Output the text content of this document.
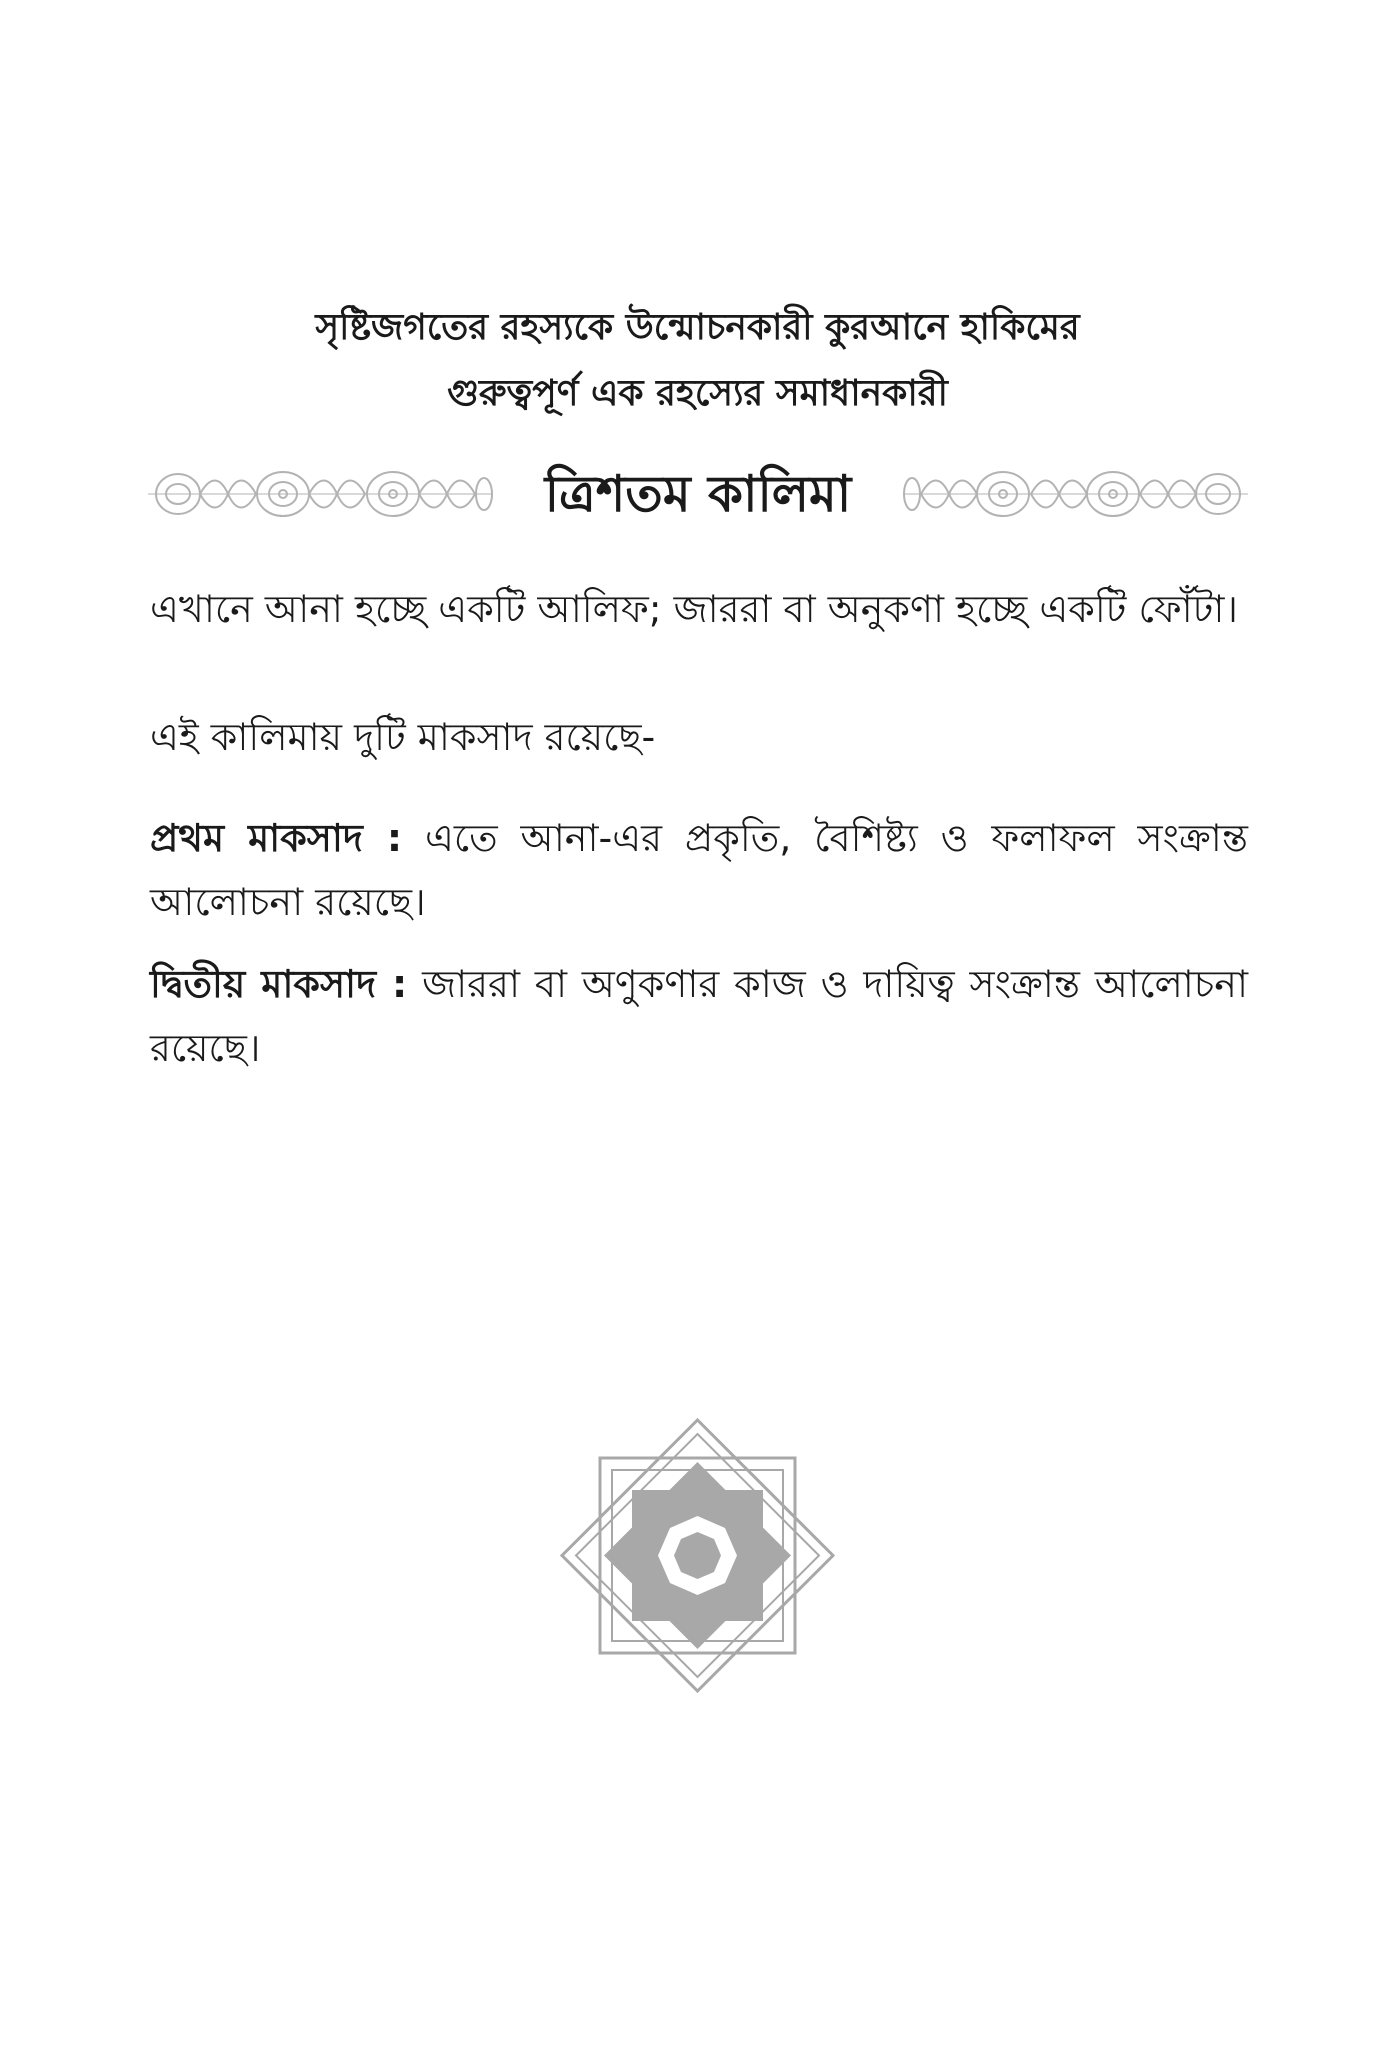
সৃষ্টিজগতের রহস্যকে উন্মোচনকারী কুরআনে হাকিমের
গুরুত্বপূর্ণ এক রহস্যের সমাধানকারী
ত্রিশতম কালিমা
এখানে আনা হচ্ছে একটি আলিফ; জাররা বা অনুকণা হচ্ছে একটি ফোঁটা।
এই কালিমায় দুটি মাকসাদ রয়েছে-
প্রথম মাকসাদ : এতে আনা-এর প্রকৃতি, বৈশিষ্ট্য ও ফলাফল সংক্রান্ত আলোচনা রয়েছে।
দ্বিতীয় মাকসাদ : জাররা বা অণুকণার কাজ ও দায়িত্ব সংক্রান্ত আলোচনা রয়েছে।
